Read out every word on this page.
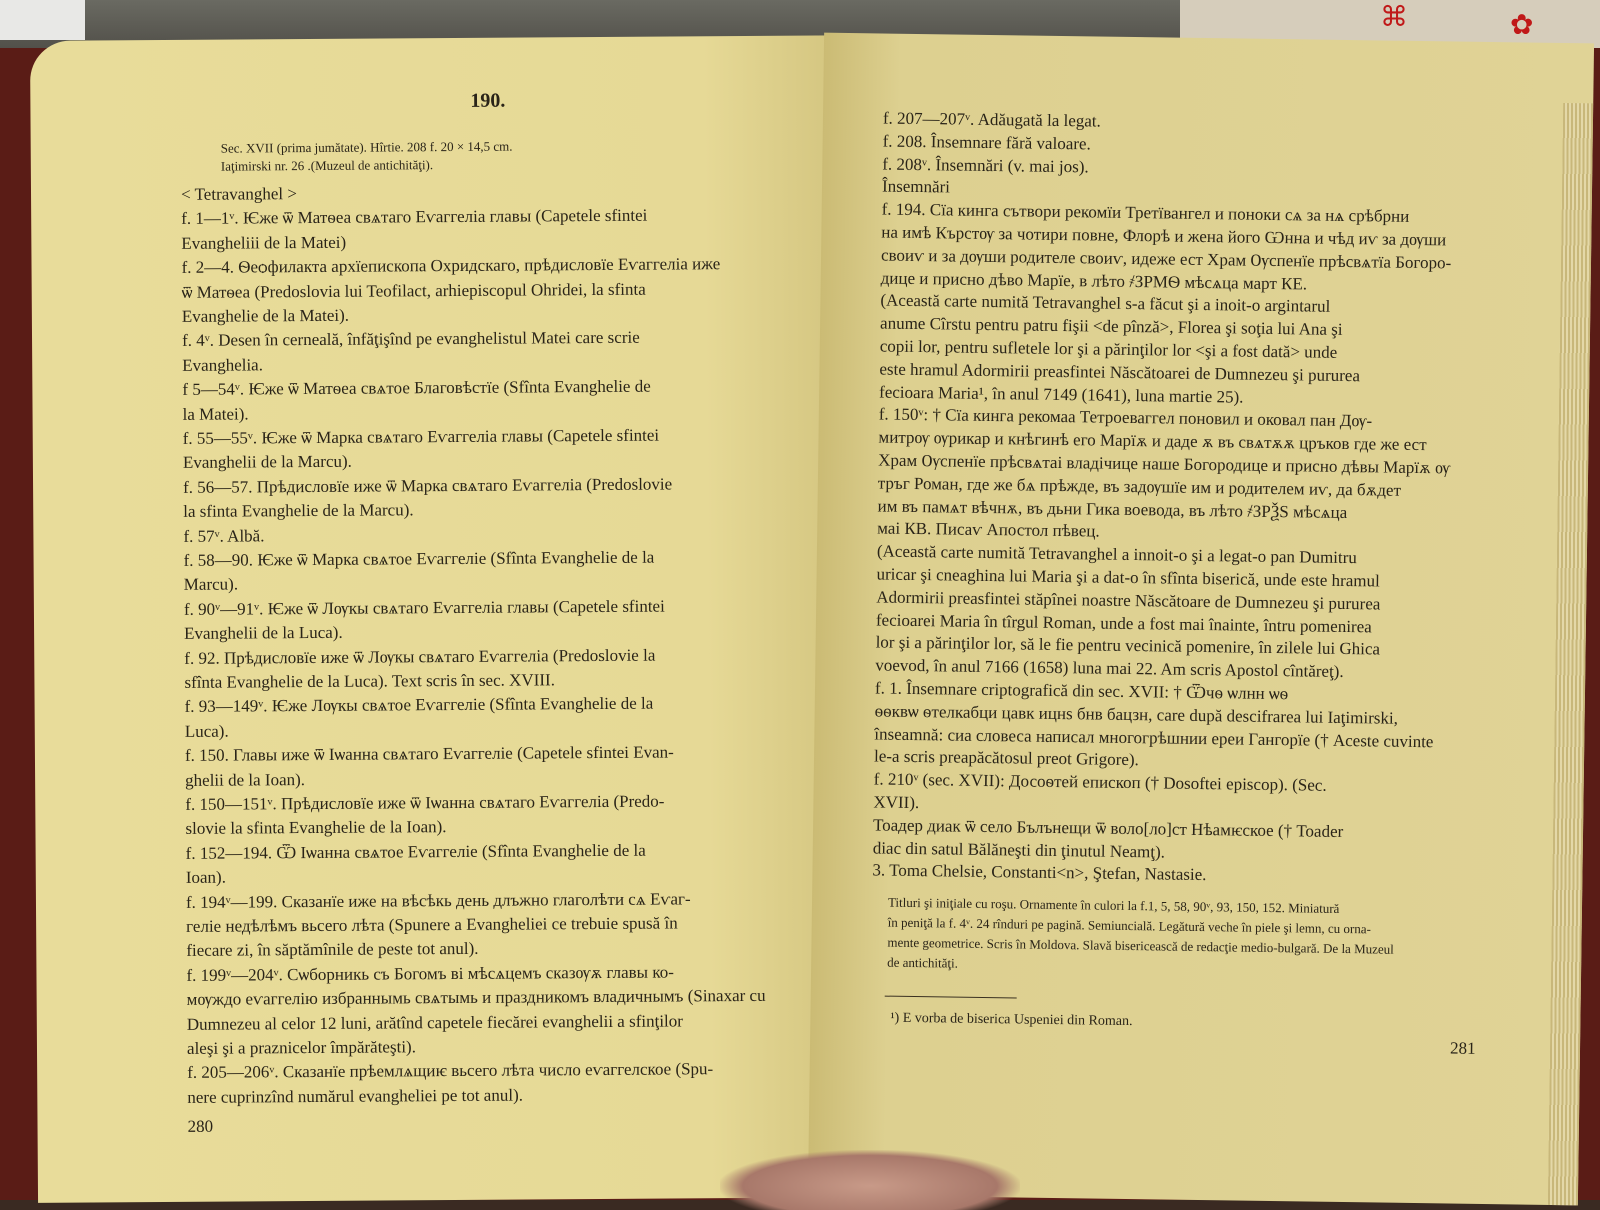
⌘	✿
190.
Sec. XVII (prima jumătate). Hîrtie. 208 f. 20 × 14,5 cm.
Iaţimirski nr. 26 .(Muzeul de antichităţi).
< Tetravanghel >
f. 1—1ᵛ. Ѥже ѿ Матѳеа свѧтаго Еѵаггеліа главы (Capetele sfintei
Evangheliii de la Matei)
f. 2—4. Ѳеѻфилакта архїепископа Охридскаго, прѣдисловїе Еѵаггеліа иже
ѿ Матѳеа (Predoslovia lui Teofilact, arhiepiscopul Ohridei, la sfinta
Evanghelie de la Matei).
f. 4ᵛ. Desen în cerneală, înfăţişînd pe evanghelistul Matei care scrie
Evanghelia.
f 5—54ᵛ. Ѥже ѿ Матѳеа свѧтое Благовѣстїе (Sfînta Evanghelie de
la Matei).
f. 55—55ᵛ. Ѥже ѿ Марка свѧтаго Еѵаггеліа главы (Capetele sfintei
Evanghelii de la Marcu).
f. 56—57. Прѣдисловїе иже ѿ Марка свѧтаго Еѵаггеліа (Predoslovie
la sfinta Evanghelie de la Marcu).
f. 57ᵛ. Albă.
f. 58—90. Ѥже ѿ Марка свѧтое Еѵаггеліе (Sfînta Evanghelie de la
Marcu).
f. 90ᵛ—91ᵛ. Ѥже ѿ Лѹкы свѧтаго Еѵаггеліа главы (Capetele sfintei
Evanghelii de la Luca).
f. 92. Прѣдисловїе иже ѿ Лѹкы свѧтаго Еѵаггеліа (Predoslovie la
sfînta Evanghelie de la Luca). Text scris în sec. XVIII.
f. 93—149ᵛ. Ѥже Лѹкы свѧтое Еѵаггеліе (Sfînta Evanghelie de la
Luca).
f. 150. Главы иже ѿ Іѡанна свѧтаго Еѵаггеліе (Capetele sfintei Evan-
ghelii de la Ioan).
f. 150—151ᵛ. Прѣдисловїе иже ѿ Іѡанна свѧтаго Еѵаггеліа (Predo-
slovie la sfinta Evanghelie de la Ioan).
f. 152—194. Ѿ Іѡанна свѧтое Еѵаггеліе (Sfînta Evanghelie de la
Ioan).
f. 194ᵛ—199. Сказанїе иже на вѣсѣкь день длъжно глаголѣти сѧ Еѵаг-
геліе недѣлѣмъ вьсего лѣта (Spunere a Evangheliei ce trebuie spusă în
fiecare zi, în săptămînile de peste tot anul).
f. 199ᵛ—204ᵛ. Сѡборникь съ Богомъ ві мѣсѧцемъ сказѹѫ главы ко-
мѹждо еѵаггелію избраннымь свѧтымь и праздникомъ владичнымъ (Sinaxar cu
Dumnezeu al celor 12 luni, arătînd capetele fiecărei evanghelii a sfinţilor
aleşi şi a praznicelor împărăteşti).
f. 205—206ᵛ. Сказанїе прѣемлѧщиѥ вьсего лѣта число еѵаггелское (Spu-
nere cuprinzînd numărul evangheliei pe tot anul).
280
f. 207—207ᵛ. Adăugată la legat.
f. 208. Însemnare fără valoare.
f. 208ᵛ. Însemnări (v. mai jos).
Însemnări
f. 194. Сїа кинга сътвори рекомїи Третївангел и поноки сѧ за нѧ срѣбрни
на имѣ Кърстѹ за чотири повне, Флорѣ и жена його Ѡнна и чѣд иѵ за дѹши
своиѵ и за дѹши родителе своиѵ, идеже ест Храм Ѹспенїе прѣсвѧтїа Богоро-
дице и присно дѣво Марїе, в лѣто ҂ЗРМѲ мѣсѧца март КЕ.
(Această carte numită Tetravanghel s-a făcut şi a inoit-o argintarul
anume Cîrstu pentru patru fişii <de pînză>, Florea şi soţia lui Ana şi
copii lor, pentru sufletele lor şi a părinţilor lor <şi a fost dată> unde
este hramul Adormirii preasfintei Născătoarei de Dumnezeu şi pururea
fecioara Maria¹, în anul 7149 (1641), luna martie 25).
f. 150ᵛ: † Сїа кинга рекомаа Тетроеваггел поновил и оковал пан Дѹ-
митрѹ ѹрикар и кнѣгинѣ его Марїѫ и даде ѫ въ свѧтѫѫ цръков где же ест
Храм Ѹспенїе прѣсвѧтаі владічице наше Богородице и присно дѣвы Марїѫ ѹ
тръг Роман, где же бѧ прѣжде, въ задѹшїе им и родителем иѵ, да бѫдет
им въ памѧт вѣчнѫ, въ дьни Гика воевода, въ лѣто ҂ЗРѮЅ мѣсѧца
маі КВ. Писаѵ Апостол пѣвец.
(Această carte numită Tetravanghel a innoit-o şi a legat-o pan Dumitru
uricar şi cneaghina lui Maria şi a dat-o în sfînta biserică, unde este hramul
Adormirii preasfintei stăpînei noastre Născătoare de Dumnezeu şi pururea
fecioarei Maria în tîrgul Roman, unde a fost mai înainte, întru pomenirea
lor şi a părinţilor lor, să le fie pentru vecinică pomenire, în zilele lui Ghica
voevod, în anul 7166 (1658) luna mai 22. Am scris Apostol cîntăreţ).
f. 1. Însemnare criptografică din sec. XVII: † Ѿчѳ ѡлнн ѡѳ
ѳѳквѡ ѳтелкабци цавк ицнѕ бнв бацзн, care după descifrarea lui Iaţimirski,
înseamnă: сиа словеса написал многогрѣшнии ереи Гангорїе († Aceste cuvinte
le-a scris preapăcătosul preot Grigore).
f. 210ᵛ (sec. XVII): Досоѳтей епископ († Dosoftei episcop). (Sec.
XVII).
Тоадер диак ѿ село Бълънещи ѿ воло[ло]ст Нѣамѥское († Toader
diac din satul Bălăneşti din ţinutul Neamţ).
3. Toma Chelsie, Constanti<n>, Ştefan, Nastasie.
Titluri şi iniţiale cu roşu. Ornamente în culori la f.1, 5, 58, 90ᵛ, 93, 150, 152. Miniatură
în peniţă la f. 4ᵛ. 24 rînduri pe pagină. Semiuncială. Legătură veche în piele şi lemn, cu orna-
mente geometrice. Scris în Moldova. Slavă bisericească de redacţie medio-bulgară. De la Muzeul
de antichităţi.
¹) E vorba de biserica Uspeniei din Roman.
281
